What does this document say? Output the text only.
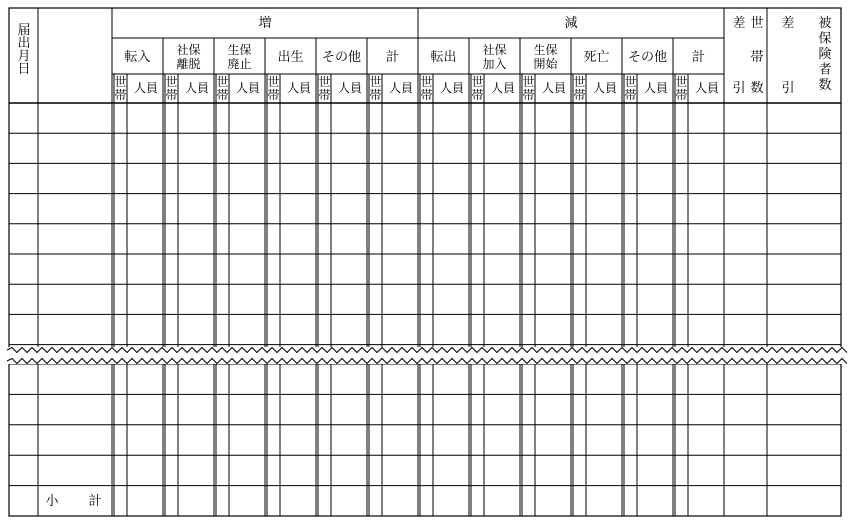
届
出
月
日
増	減
転入
世
帯 人員
社保
離脱
世
帯 人員
生保
廃止
世
帯 人員
出生
世
帯 人員
その他
世
帯 人員
計
世
帯 人員
転出
世
帯 人員
社保
加入
世
帯 人員
生保
開始
世
帯 人員
死亡
世
帯 人員
その他
世
帯 人員
計
世
帯 人員
差 世
帯
引 数
差
引
被
保
険
者
数
小 計
